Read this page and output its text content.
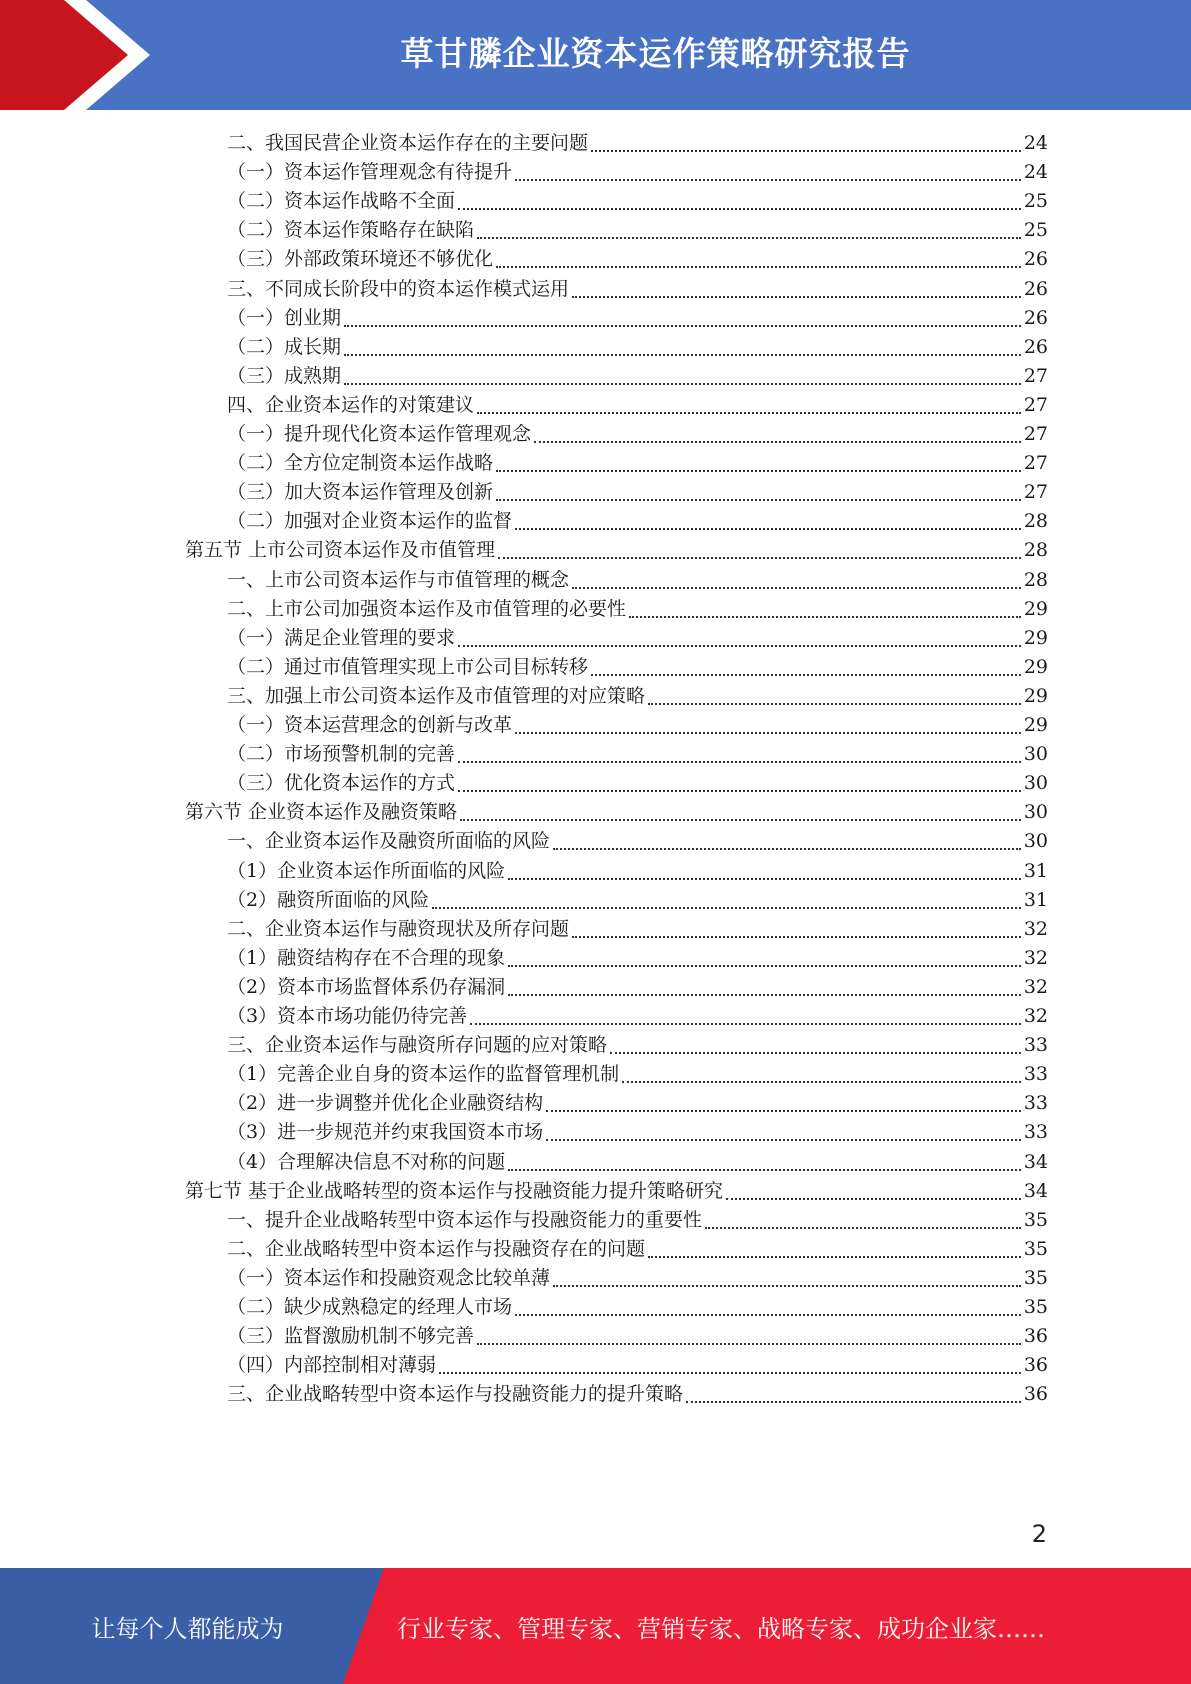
草甘膦企业资本运作策略研究报告
二、我国民营企业资本运作存在的主要问题	24
（一）资本运作管理观念有待提升	24
（二）资本运作战略不全面	25
（二）资本运作策略存在缺陷	25
（三）外部政策环境还不够优化	26
三、不同成长阶段中的资本运作模式运用	26
（一）创业期	26
（二）成长期	26
（三）成熟期	27
四、企业资本运作的对策建议	27
（一）提升现代化资本运作管理观念	27
（二）全方位定制资本运作战略	27
（三）加大资本运作管理及创新	27
（二）加强对企业资本运作的监督	28
第五节 上市公司资本运作及市值管理	28
一、上市公司资本运作与市值管理的概念	28
二、上市公司加强资本运作及市值管理的必要性	29
（一）满足企业管理的要求	29
（二）通过市值管理实现上市公司目标转移	29
三、加强上市公司资本运作及市值管理的对应策略	29
（一）资本运营理念的创新与改革	29
（二）市场预警机制的完善	30
（三）优化资本运作的方式	30
第六节 企业资本运作及融资策略	30
一、企业资本运作及融资所面临的风险	30
（1）企业资本运作所面临的风险	31
（2）融资所面临的风险	31
二、企业资本运作与融资现状及所存问题	32
（1）融资结构存在不合理的现象	32
（2）资本市场监督体系仍存漏洞	32
（3）资本市场功能仍待完善	32
三、企业资本运作与融资所存问题的应对策略	33
（1）完善企业自身的资本运作的监督管理机制	33
（2）进一步调整并优化企业融资结构	33
（3）进一步规范并约束我国资本市场	33
（4）合理解决信息不对称的问题	34
第七节 基于企业战略转型的资本运作与投融资能力提升策略研究	34
一、提升企业战略转型中资本运作与投融资能力的重要性	35
二、企业战略转型中资本运作与投融资存在的问题	35
（一）资本运作和投融资观念比较单薄	35
（二）缺少成熟稳定的经理人市场	35
（三）监督激励机制不够完善	36
（四）内部控制相对薄弱	36
三、企业战略转型中资本运作与投融资能力的提升策略	36
2
让每个人都能成为	行业专家、管理专家、营销专家、战略专家、成功企业家……
